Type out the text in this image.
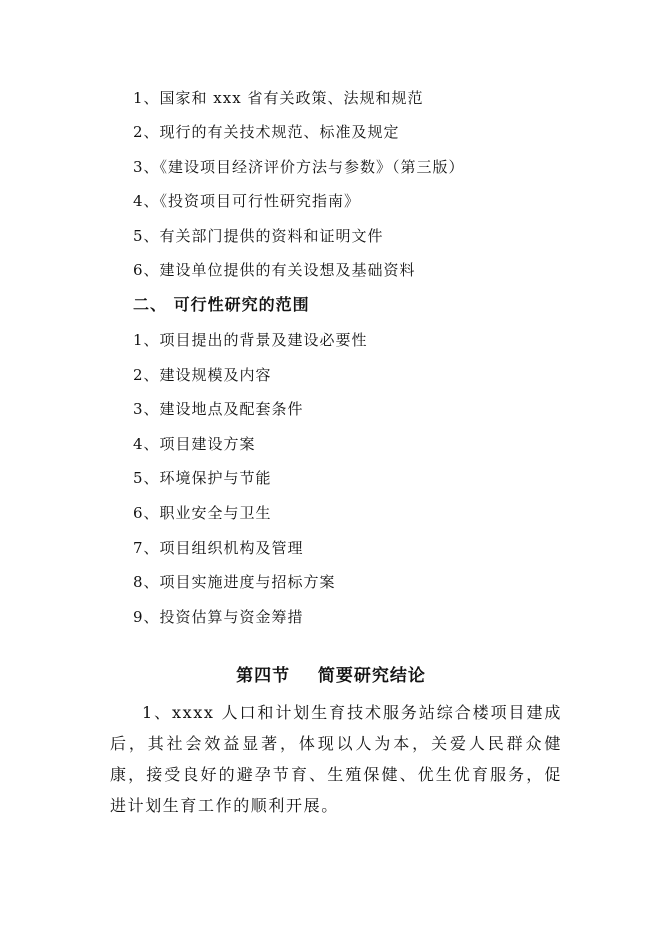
1、国家和 xxx 省有关政策、法规和规范
2、现行的有关技术规范、标准及规定
3、《建设项目经济评价方法与参数》（第三版）
4、《投资项目可行性研究指南》
5、有关部门提供的资料和证明文件
6、建设单位提供的有关设想及基础资料
二、 可行性研究的范围
1、项目提出的背景及建设必要性
2、建设规模及内容
3、建设地点及配套条件
4、项目建设方案
5、环境保护与节能
6、职业安全与卫生
7、项目组织机构及管理
8、项目实施进度与招标方案
9、投资估算与资金筹措
第四节    简要研究结论
1、xxxx 人口和计划生育技术服务站综合楼项目建成后，其社会效益显著，体现以人为本，关爱人民群众健康，接受良好的避孕节育、生殖保健、优生优育服务，促进计划生育工作的顺利开展。
